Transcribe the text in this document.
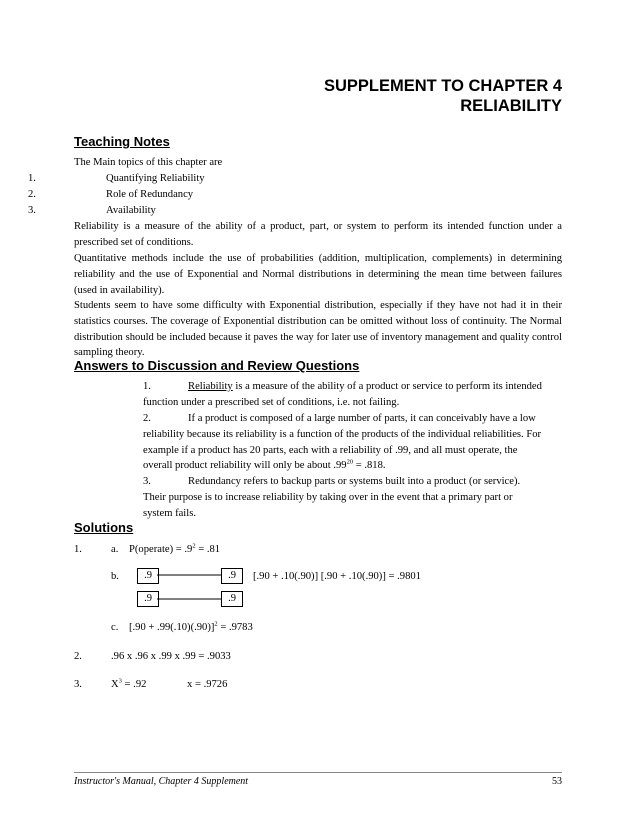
SUPPLEMENT TO CHAPTER 4
RELIABILITY
Teaching Notes
The Main topics of this chapter are
1.	Quantifying Reliability
2.	Role of Redundancy
3.	Availability
Reliability is a measure of the ability of a product, part, or system to perform its intended function under a prescribed set of conditions.
Quantitative methods include the use of probabilities (addition, multiplication, complements) in determining reliability and the use of Exponential and Normal distributions in determining the mean time between failures (used in availability).
Students seem to have some difficulty with Exponential distribution, especially if they have not had it in their statistics courses. The coverage of Exponential distribution can be omitted without loss of continuity. The Normal distribution should be included because it paves the way for later use of inventory management and quality control sampling theory.
Answers to Discussion and Review Questions
1.	Reliability is a measure of the ability of a product or service to perform its intended function under a prescribed set of conditions, i.e. not failing.
2.	If a product is composed of a large number of parts, it can conceivably have a low reliability because its reliability is a function of the products of the individual reliabilities. For example if a product has 20 parts, each with a reliability of .99, and all must operate, the overall product reliability will only be about $.99^{20} = .818$.
3.	Redundancy refers to backup parts or systems built into a product (or service). Their purpose is to increase reliability by taking over in the event that a primary part or system fails.
Solutions
1.	a. P(operate) = $.9^2 = .81$
b.	.9	.9
.9	.9
[.90 + .10(.90)] [.90 + .10(.90)] = .9801
c. $[.90 + .99(.10)(.90)]^2 = .9783$
2.	.96 x .96 x .99 x .99 = .9033
3.	$X^3 = .92$	x = .9726
Instructor's Manual, Chapter 4 Supplement	53
